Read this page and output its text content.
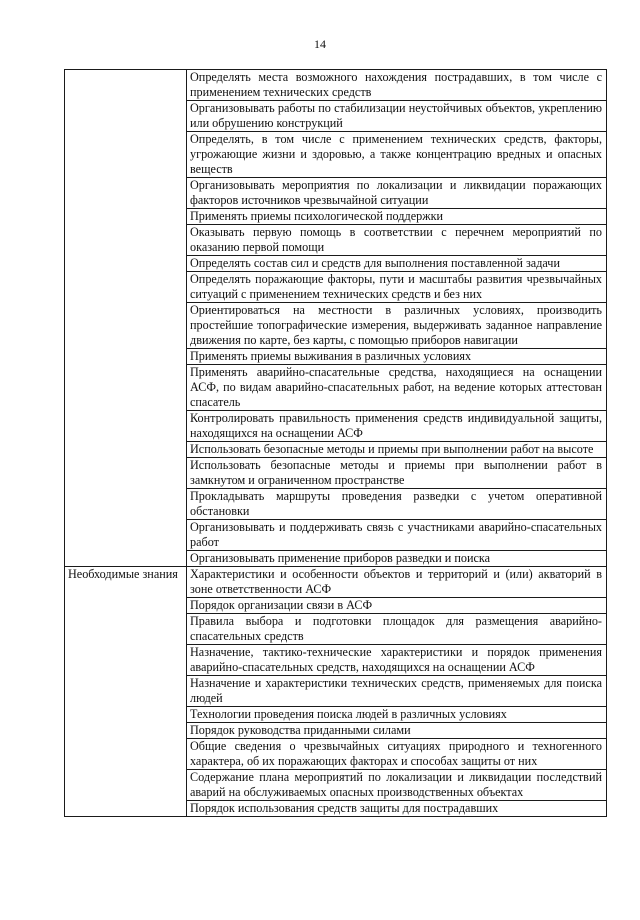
14
	Определять места возможного нахождения пострадавших, в том числе с применением технических средств
	Организовывать работы по стабилизации неустойчивых объектов, укреплению или обрушению конструкций
	Определять, в том числе с применением технических средств, факторы, угрожающие жизни и здоровью, а также концентрацию вредных и опасных веществ
	Организовывать мероприятия по локализации и ликвидации поражающих факторов источников чрезвычайной ситуации
	Применять приемы психологической поддержки
	Оказывать первую помощь в соответствии с перечнем мероприятий по оказанию первой помощи
	Определять состав сил и средств для выполнения поставленной задачи
	Определять поражающие факторы, пути и масштабы развития чрезвычайных ситуаций с применением технических средств и без них
	Ориентироваться на местности в различных условиях, производить простейшие топографические измерения, выдерживать заданное направление движения по карте, без карты, с помощью приборов навигации
	Применять приемы выживания в различных условиях
	Применять аварийно-спасательные средства, находящиеся на оснащении АСФ, по видам аварийно-спасательных работ, на ведение которых аттестован спасатель
	Контролировать правильность применения средств индивидуальной защиты, находящихся на оснащении АСФ
	Использовать безопасные методы и приемы при выполнении работ на высоте
	Использовать безопасные методы и приемы при выполнении работ в замкнутом и ограниченном пространстве
	Прокладывать маршруты проведения разведки с учетом оперативной обстановки
	Организовывать и поддерживать связь с участниками аварийно-спасательных работ
	Организовывать применение приборов разведки и поиска
Необходимые знания	Характеристики и особенности объектов и территорий и (или) акваторий в зоне ответственности АСФ
	Порядок организации связи в АСФ
	Правила выбора и подготовки площадок для размещения аварийно-спасательных средств
	Назначение, тактико-технические характеристики и порядок применения аварийно-спасательных средств, находящихся на оснащении АСФ
	Назначение и характеристики технических средств, применяемых для поиска людей
	Технологии проведения поиска людей в различных условиях
	Порядок руководства приданными силами
	Общие сведения о чрезвычайных ситуациях природного и техногенного характера, об их поражающих факторах и способах защиты от них
	Содержание плана мероприятий по локализации и ликвидации последствий аварий на обслуживаемых опасных производственных объектах
	Порядок использования средств защиты для пострадавших
